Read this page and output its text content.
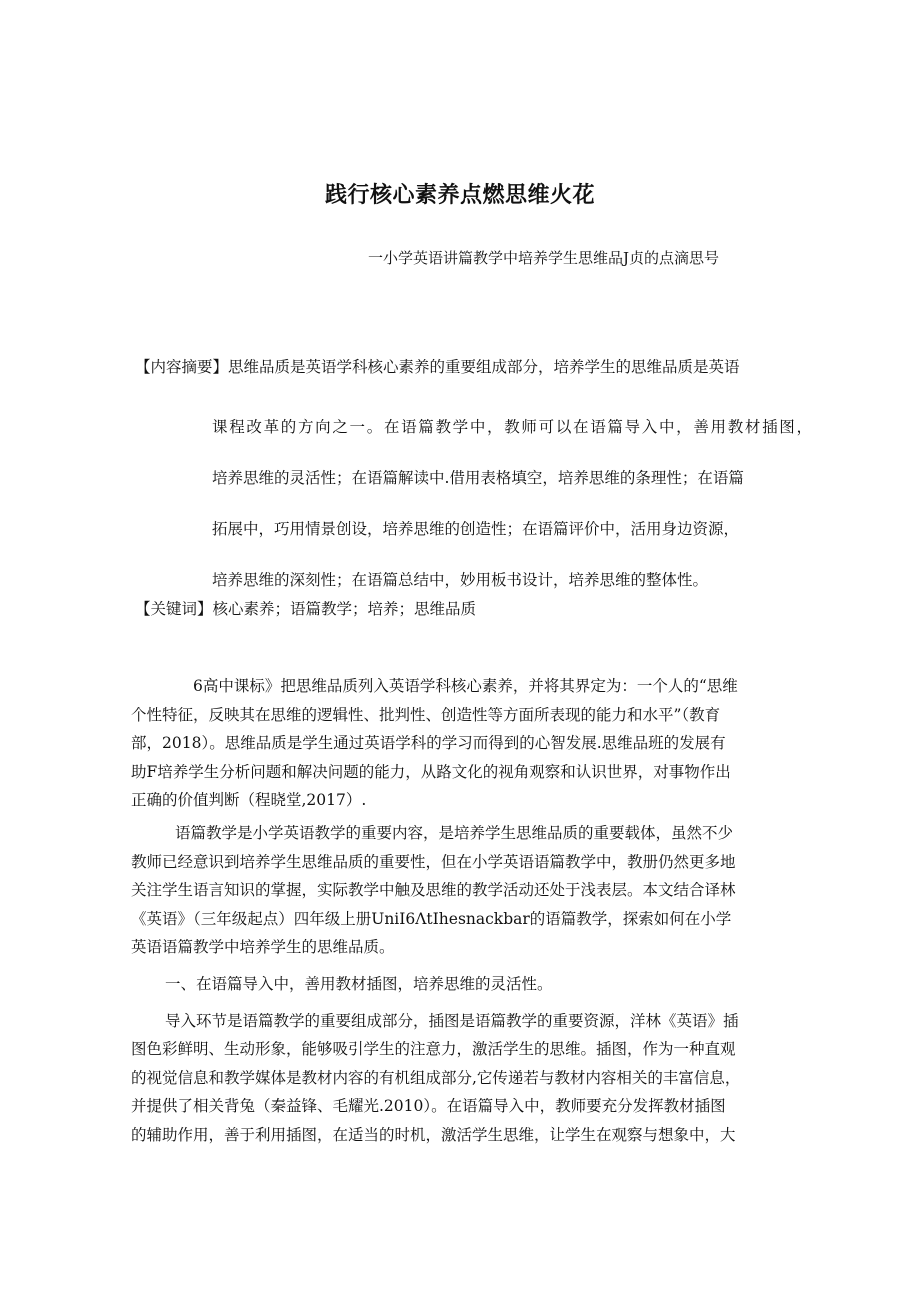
践行核心素养点燃思维火花
一小学英语讲篇教学中培养学生思维品J贞的点滴思号
【内容摘要】思维品质是英语学科核心素养的重要组成部分，培养学生的思维品质是英语
课程改革的方向之一。在语篇教学中，教师可以在语篇导入中，善用教材插图，
培养思维的灵活性；在语篇解读中.借用表格填空，培养思维的条理性；在语篇
拓展中，巧用情景创设，培养思维的创造性；在语篇评价中，活用身边资源，
培养思维的深刻性；在语篇总结中，妙用板书设计，培养思维的整体性。
【关键词】核心素养；语篇教学；培养；思维品质
6高中课标》把思维品质列入英语学科核心素养，并将其界定为：一个人的“思维
个性特征，反映其在思维的逻辑性、批判性、创造性等方面所表现的能力和水平”（教育
部，2018）。思维品质是学生通过英语学科的学习而得到的心智发展.思维品班的发展有
助F培养学生分析问题和解决问题的能力，从路文化的视角观察和认识世界，对事物作出
正确的价值判断（程晓堂,2017）.
语篇教学是小学英语教学的重要内容，是培养学生思维品质的重要载体，虽然不少
教师已经意识到培养学生思维品质的重要性，但在小学英语语篇教学中，教册仍然更多地
关注学生语言知识的掌握，实际教学中触及思维的教学活动还处于浅表层。本文结合译林
《英语》（三年级起点）四年级上册UniI6ΛtIhesnackbar的语篇教学，探索如何在小学
英语语篇教学中培养学生的思维品质。
一、在语篇导入中，善用教材插图，培养思维的灵活性。
导入环节是语篇教学的重要组成部分，插图是语篇教学的重要资源，洋林《英语》插
图色彩鲜明、生动形象，能够吸引学生的注意力，激活学生的思维。插图，作为一种直观
的视觉信息和教学媒体是教材内容的有机组成部分,它传递若与教材内容相关的丰富信息，
并提供了相关背兔（秦益锋、毛耀光.2010）。在语篇导入中，教师要充分发挥教材插图
的辅助作用，善于利用插图，在适当的时机，激活学生思维，让学生在观察与想象中，大
